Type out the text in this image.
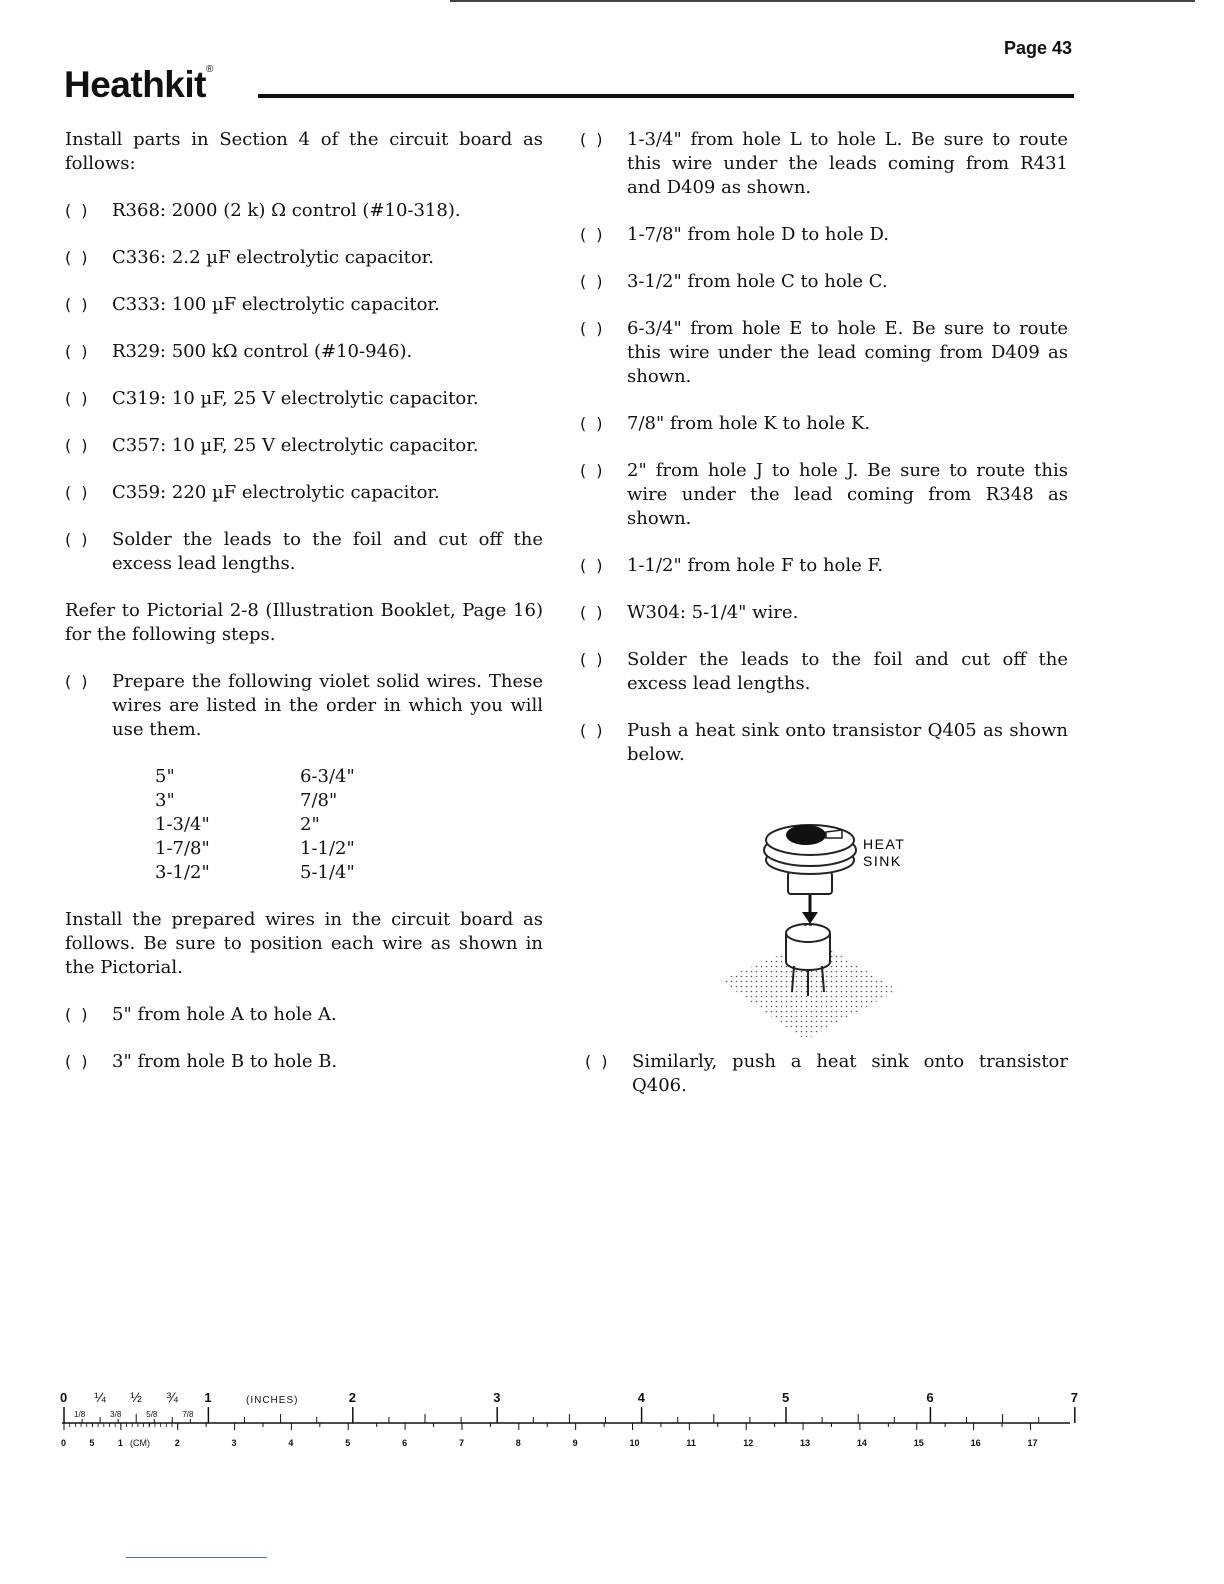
Page 43
Heathkit®

Install parts in Section 4 of the circuit board as follows:

() R368: 2000 (2 k) Ω control (#10-318).
() C336: 2.2 µF electrolytic capacitor.
() C333: 100 µF electrolytic capacitor.
() R329: 500 kΩ control (#10-946).
() C319: 10 µF, 25 V electrolytic capacitor.
() C357: 10 µF, 25 V electrolytic capacitor.
() C359: 220 µF electrolytic capacitor.
() Solder the leads to the foil and cut off the excess lead lengths.

Refer to Pictorial 2-8 (Illustration Booklet, Page 16) for the following steps.

() Prepare the following violet solid wires. These wires are listed in the order in which you will use them.
5"	6-3/4"
3"	7/8"
1-3/4"	2"
1-7/8"	1-1/2"
3-1/2"	5-1/4"

Install the prepared wires in the circuit board as follows. Be sure to position each wire as shown in the Pictorial.

() 5" from hole A to hole A.
() 3" from hole B to hole B.
() 1-3/4" from hole L to hole L. Be sure to route this wire under the leads coming from R431 and D409 as shown.
() 1-7/8" from hole D to hole D.
() 3-1/2" from hole C to hole C.
() 6-3/4" from hole E to hole E. Be sure to route this wire under the lead coming from D409 as shown.
() 7/8" from hole K to hole K.
() 2" from hole J to hole J. Be sure to route this wire under the lead coming from R348 as shown.
() 1-1/2" from hole F to hole F.
() W304: 5-1/4" wire.
() Solder the leads to the foil and cut off the excess lead lengths.
() Push a heat sink onto transistor Q405 as shown below.
HEAT
SINK
() Similarly, push a heat sink onto transistor Q406.
0	1	2	3	4	5	6	7
¼ ½ ¾
1/8	3/8	5/8	7/8
(INCHES)
0	5	1	2	3	4	5	6	7	8	9	10	11	12	13	14	15	16	17
(CM)
